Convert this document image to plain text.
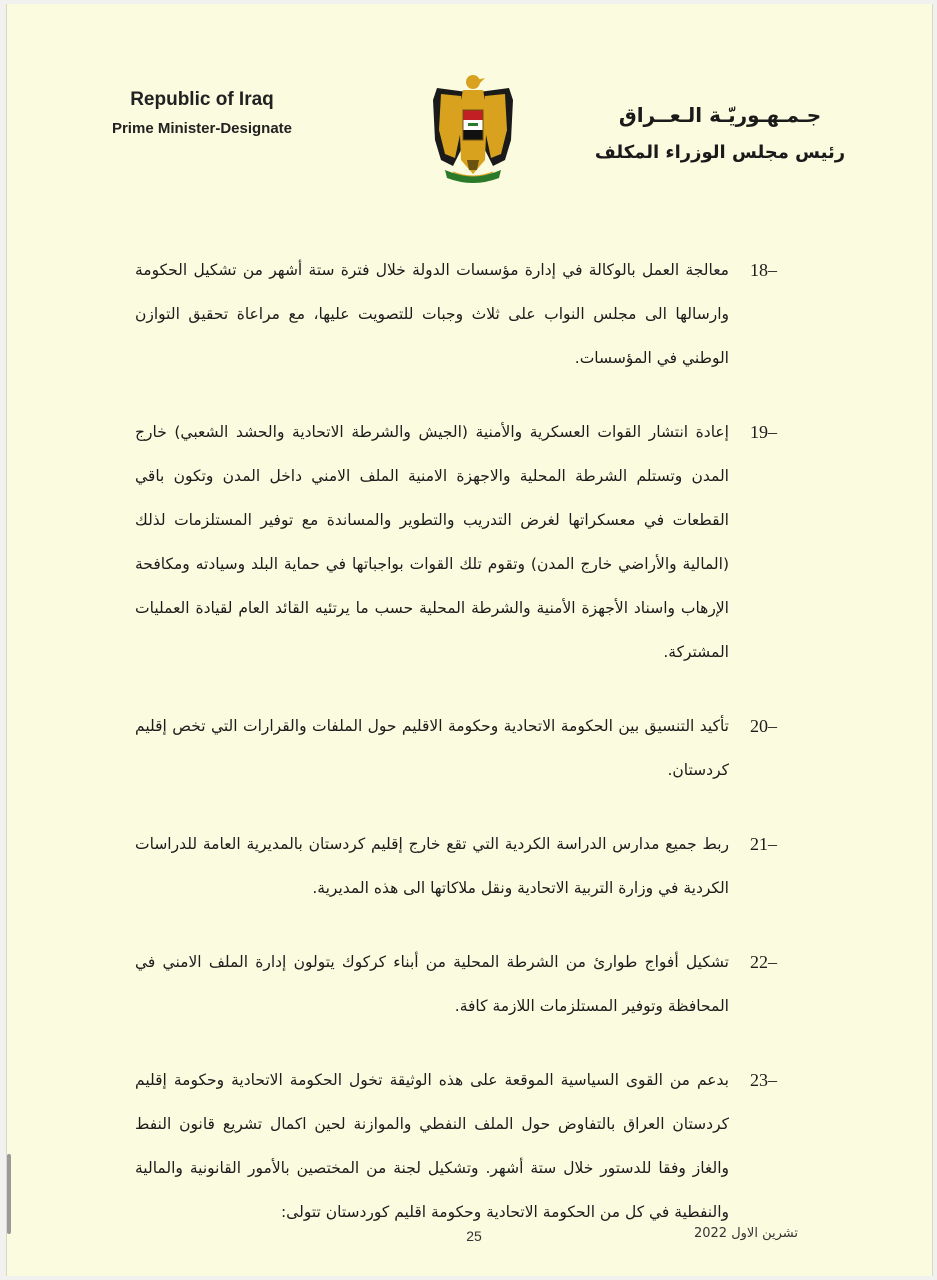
Republic of Iraq
Prime Minister-Designate
جـمـهـوريّـة الـعــراق
رئيس مجلس الوزراء المكلف
18–
معالجة العمل بالوكالة في إدارة مؤسسات الدولة خلال فترة ستة أشهر من تشكيل الحكومة وارسالها الى مجلس النواب على ثلاث وجبات للتصويت عليها، مع مراعاة تحقيق التوازن الوطني في المؤسسات.
19–
إعادة انتشار القوات العسكرية والأمنية (الجيش والشرطة الاتحادية والحشد الشعبي) خارج المدن وتستلم الشرطة المحلية والاجهزة الامنية الملف الامني داخل المدن وتكون باقي القطعات في معسكراتها لغرض التدريب والتطوير والمساندة مع توفير المستلزمات لذلك (المالية والأراضي خارج المدن) وتقوم تلك القوات بواجباتها في حماية البلد وسيادته ومكافحة الإرهاب واسناد الأجهزة الأمنية والشرطة المحلية حسب ما يرتئيه القائد العام لقيادة العمليات المشتركة.
20–
تأكيد التنسيق بين الحكومة الاتحادية وحكومة الاقليم حول الملفات والقرارات التي تخص إقليم كردستان.
21–
ربط جميع مدارس الدراسة الكردية التي تقع خارج إقليم كردستان بالمديرية العامة للدراسات الكردية في وزارة التربية الاتحادية ونقل ملاكاتها الى هذه المديرية.
22–
تشكيل أفواج طوارئ من الشرطة المحلية من أبناء كركوك يتولون إدارة الملف الامني في المحافظة وتوفير المستلزمات اللازمة كافة.
23–
بدعم من القوى السياسية الموقعة على هذه الوثيقة تخول الحكومة الاتحادية وحكومة إقليم كردستان العراق بالتفاوض حول الملف النفطي والموازنة لحين اكمال تشريع قانون النفط والغاز وفقا للدستور خلال ستة أشهر. وتشكيل لجنة من المختصين بالأمور القانونية والمالية والنفطية في كل من الحكومة الاتحادية وحكومة اقليم كوردستان تتولى:
25	تشرين الاول 2022
